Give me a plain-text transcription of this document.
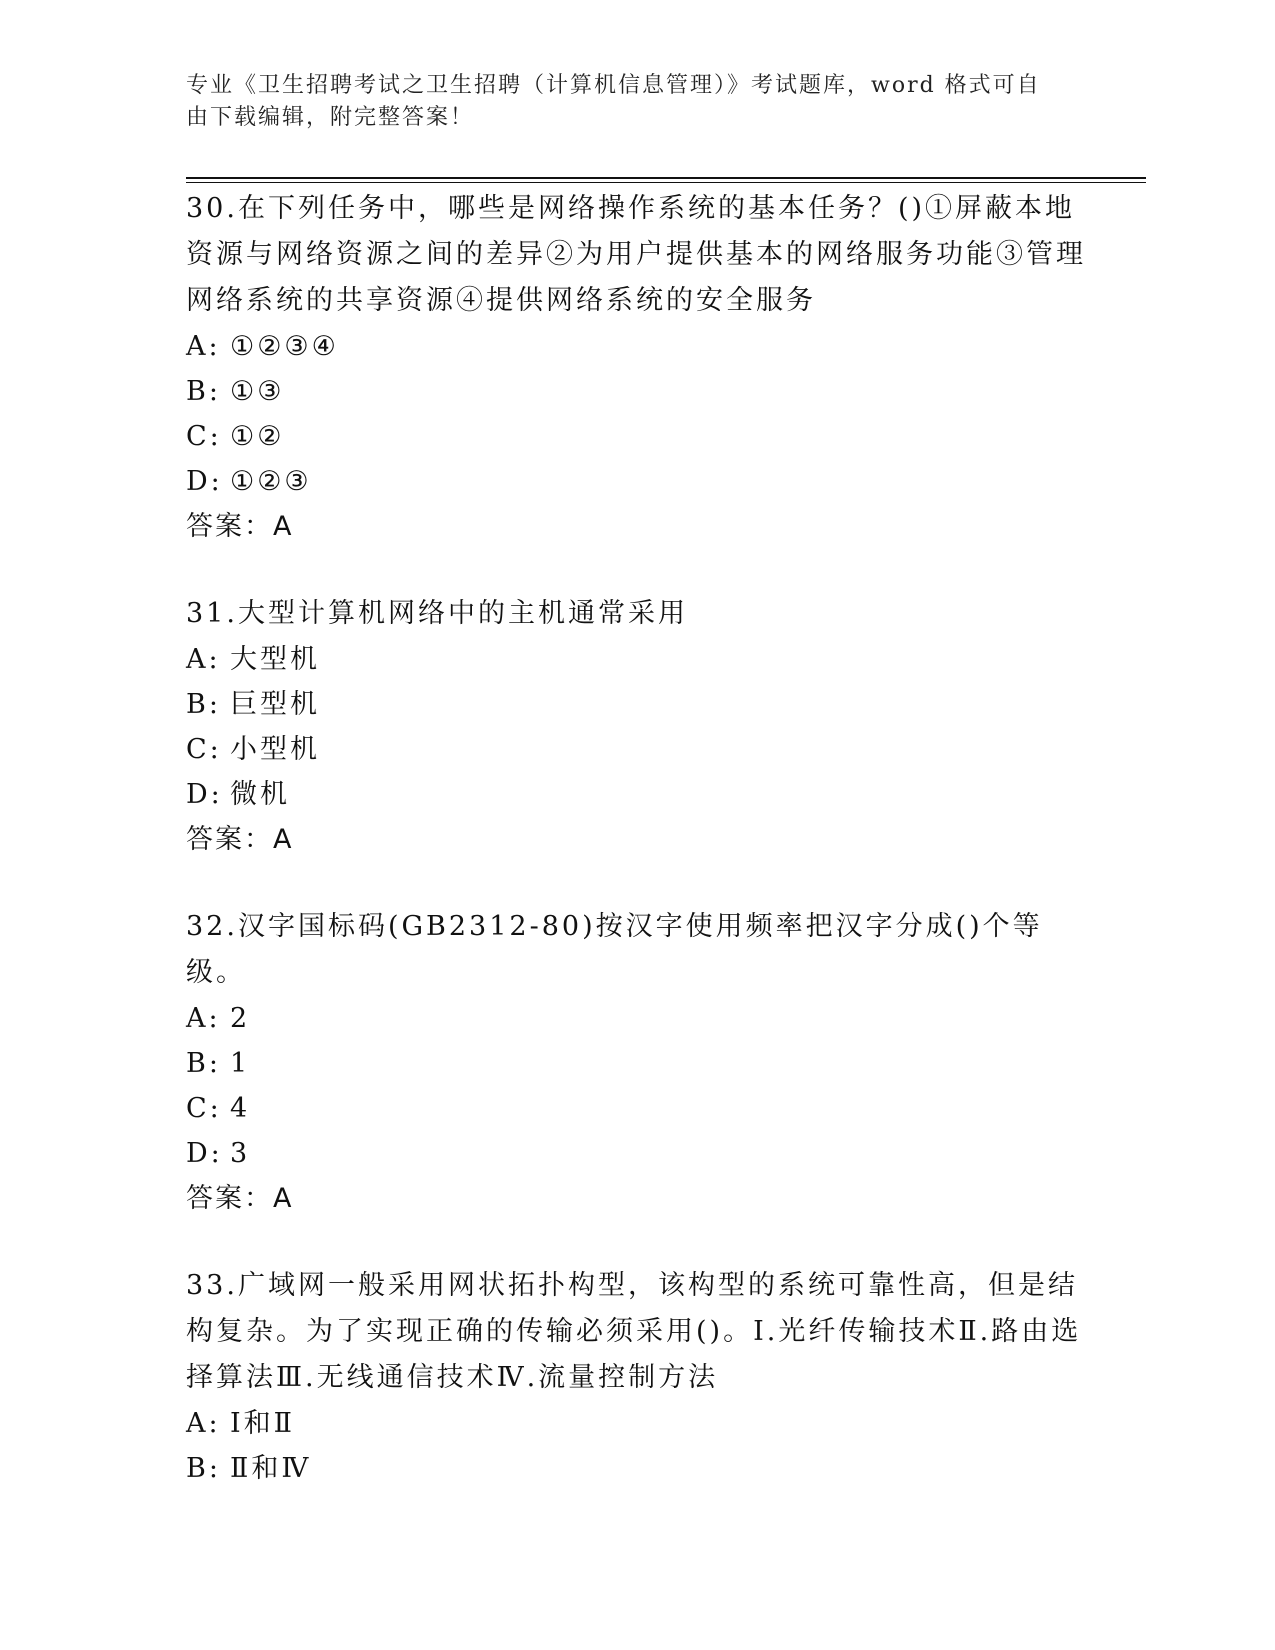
专业《卫生招聘考试之卫生招聘（计算机信息管理）》考试题库，word 格式可自
由下载编辑，附完整答案！

30.在下列任务中，哪些是网络操作系统的基本任务？()①屏蔽本地资源与网络资源之间的差异②为用户提供基本的网络服务功能③管理网络系统的共享资源④提供网络系统的安全服务

A: ①②③④

B: ①③

C: ①②

D: ①②③

答案：A

31.大型计算机网络中的主机通常采用

A: 大型机

B: 巨型机

C: 小型机

D: 微机

答案：A

32.汉字国标码(GB2312-80)按汉字使用频率把汉字分成()个等级。

A: 2

B: 1

C: 4

D: 3

答案：A

33.广域网一般采用网状拓扑构型，该构型的系统可靠性高，但是结构复杂。为了实现正确的传输必须采用()。Ⅰ.光纤传输技术Ⅱ.路由选择算法Ⅲ.无线通信技术Ⅳ.流量控制方法

A: Ⅰ和Ⅱ

B: Ⅱ和Ⅳ
